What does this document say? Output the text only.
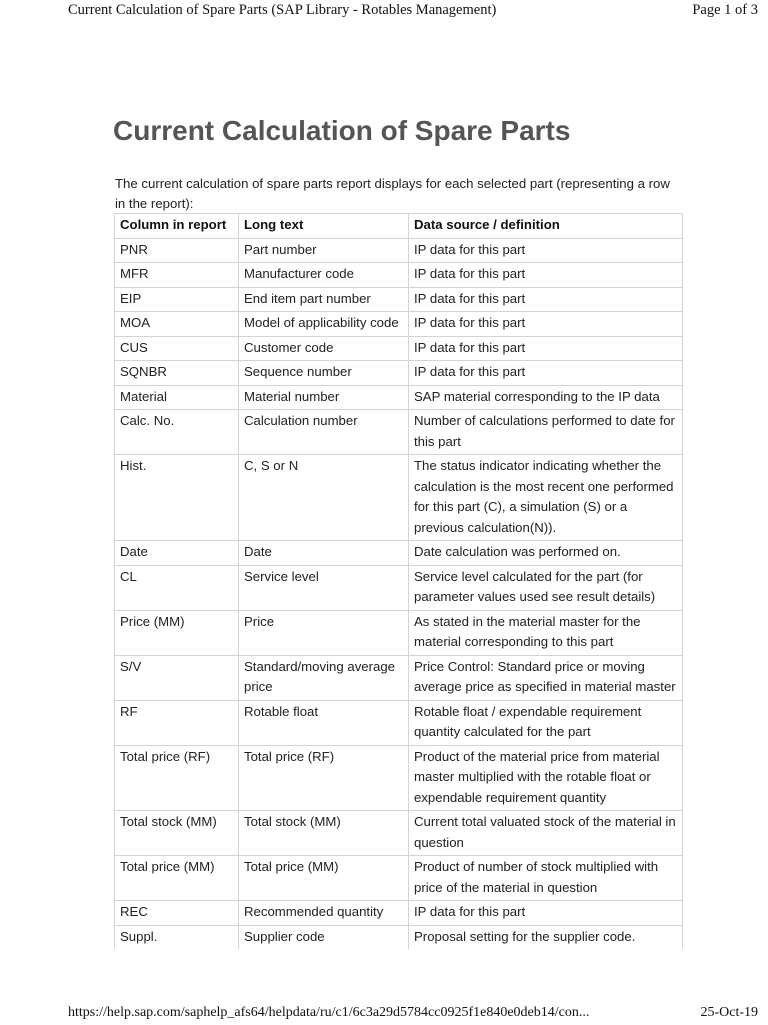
Current Calculation of Spare Parts (SAP Library - Rotables Management)	Page 1 of 3
Current Calculation of Spare Parts

The current calculation of spare parts report displays for each selected part (representing a row in the report):

Column in report	Long text	Data source / definition
PNR	Part number	IP data for this part
MFR	Manufacturer code	IP data for this part
EIP	End item part number	IP data for this part
MOA	Model of applicability code	IP data for this part
CUS	Customer code	IP data for this part
SQNBR	Sequence number	IP data for this part
Material	Material number	SAP material corresponding to the IP data
Calc. No.	Calculation number	Number of calculations performed to date for this part
Hist.	C, S or N	The status indicator indicating whether the calculation is the most recent one performed for this part (C), a simulation (S) or a previous calculation(N)).
Date	Date	Date calculation was performed on.
CL	Service level	Service level calculated for the part (for parameter values used see result details)
Price (MM)	Price	As stated in the material master for the material corresponding to this part
S/V	Standard/moving average price	Price Control: Standard price or moving average price as specified in material master
RF	Rotable float	Rotable float / expendable requirement quantity calculated for the part
Total price (RF)	Total price (RF)	Product of the material price from material master multiplied with the rotable float or expendable requirement quantity
Total stock (MM)	Total stock (MM)	Current total valuated stock of the material in question
Total price (MM)	Total price (MM)	Product of number of stock multiplied with price of the material in question
REC	Recommended quantity	IP data for this part
Suppl.	Supplier code	Proposal setting for the supplier code.
https://help.sap.com/saphelp_afs64/helpdata/ru/c1/6c3a29d5784cc0925f1e840e0deb14/con...	25-Oct-19
